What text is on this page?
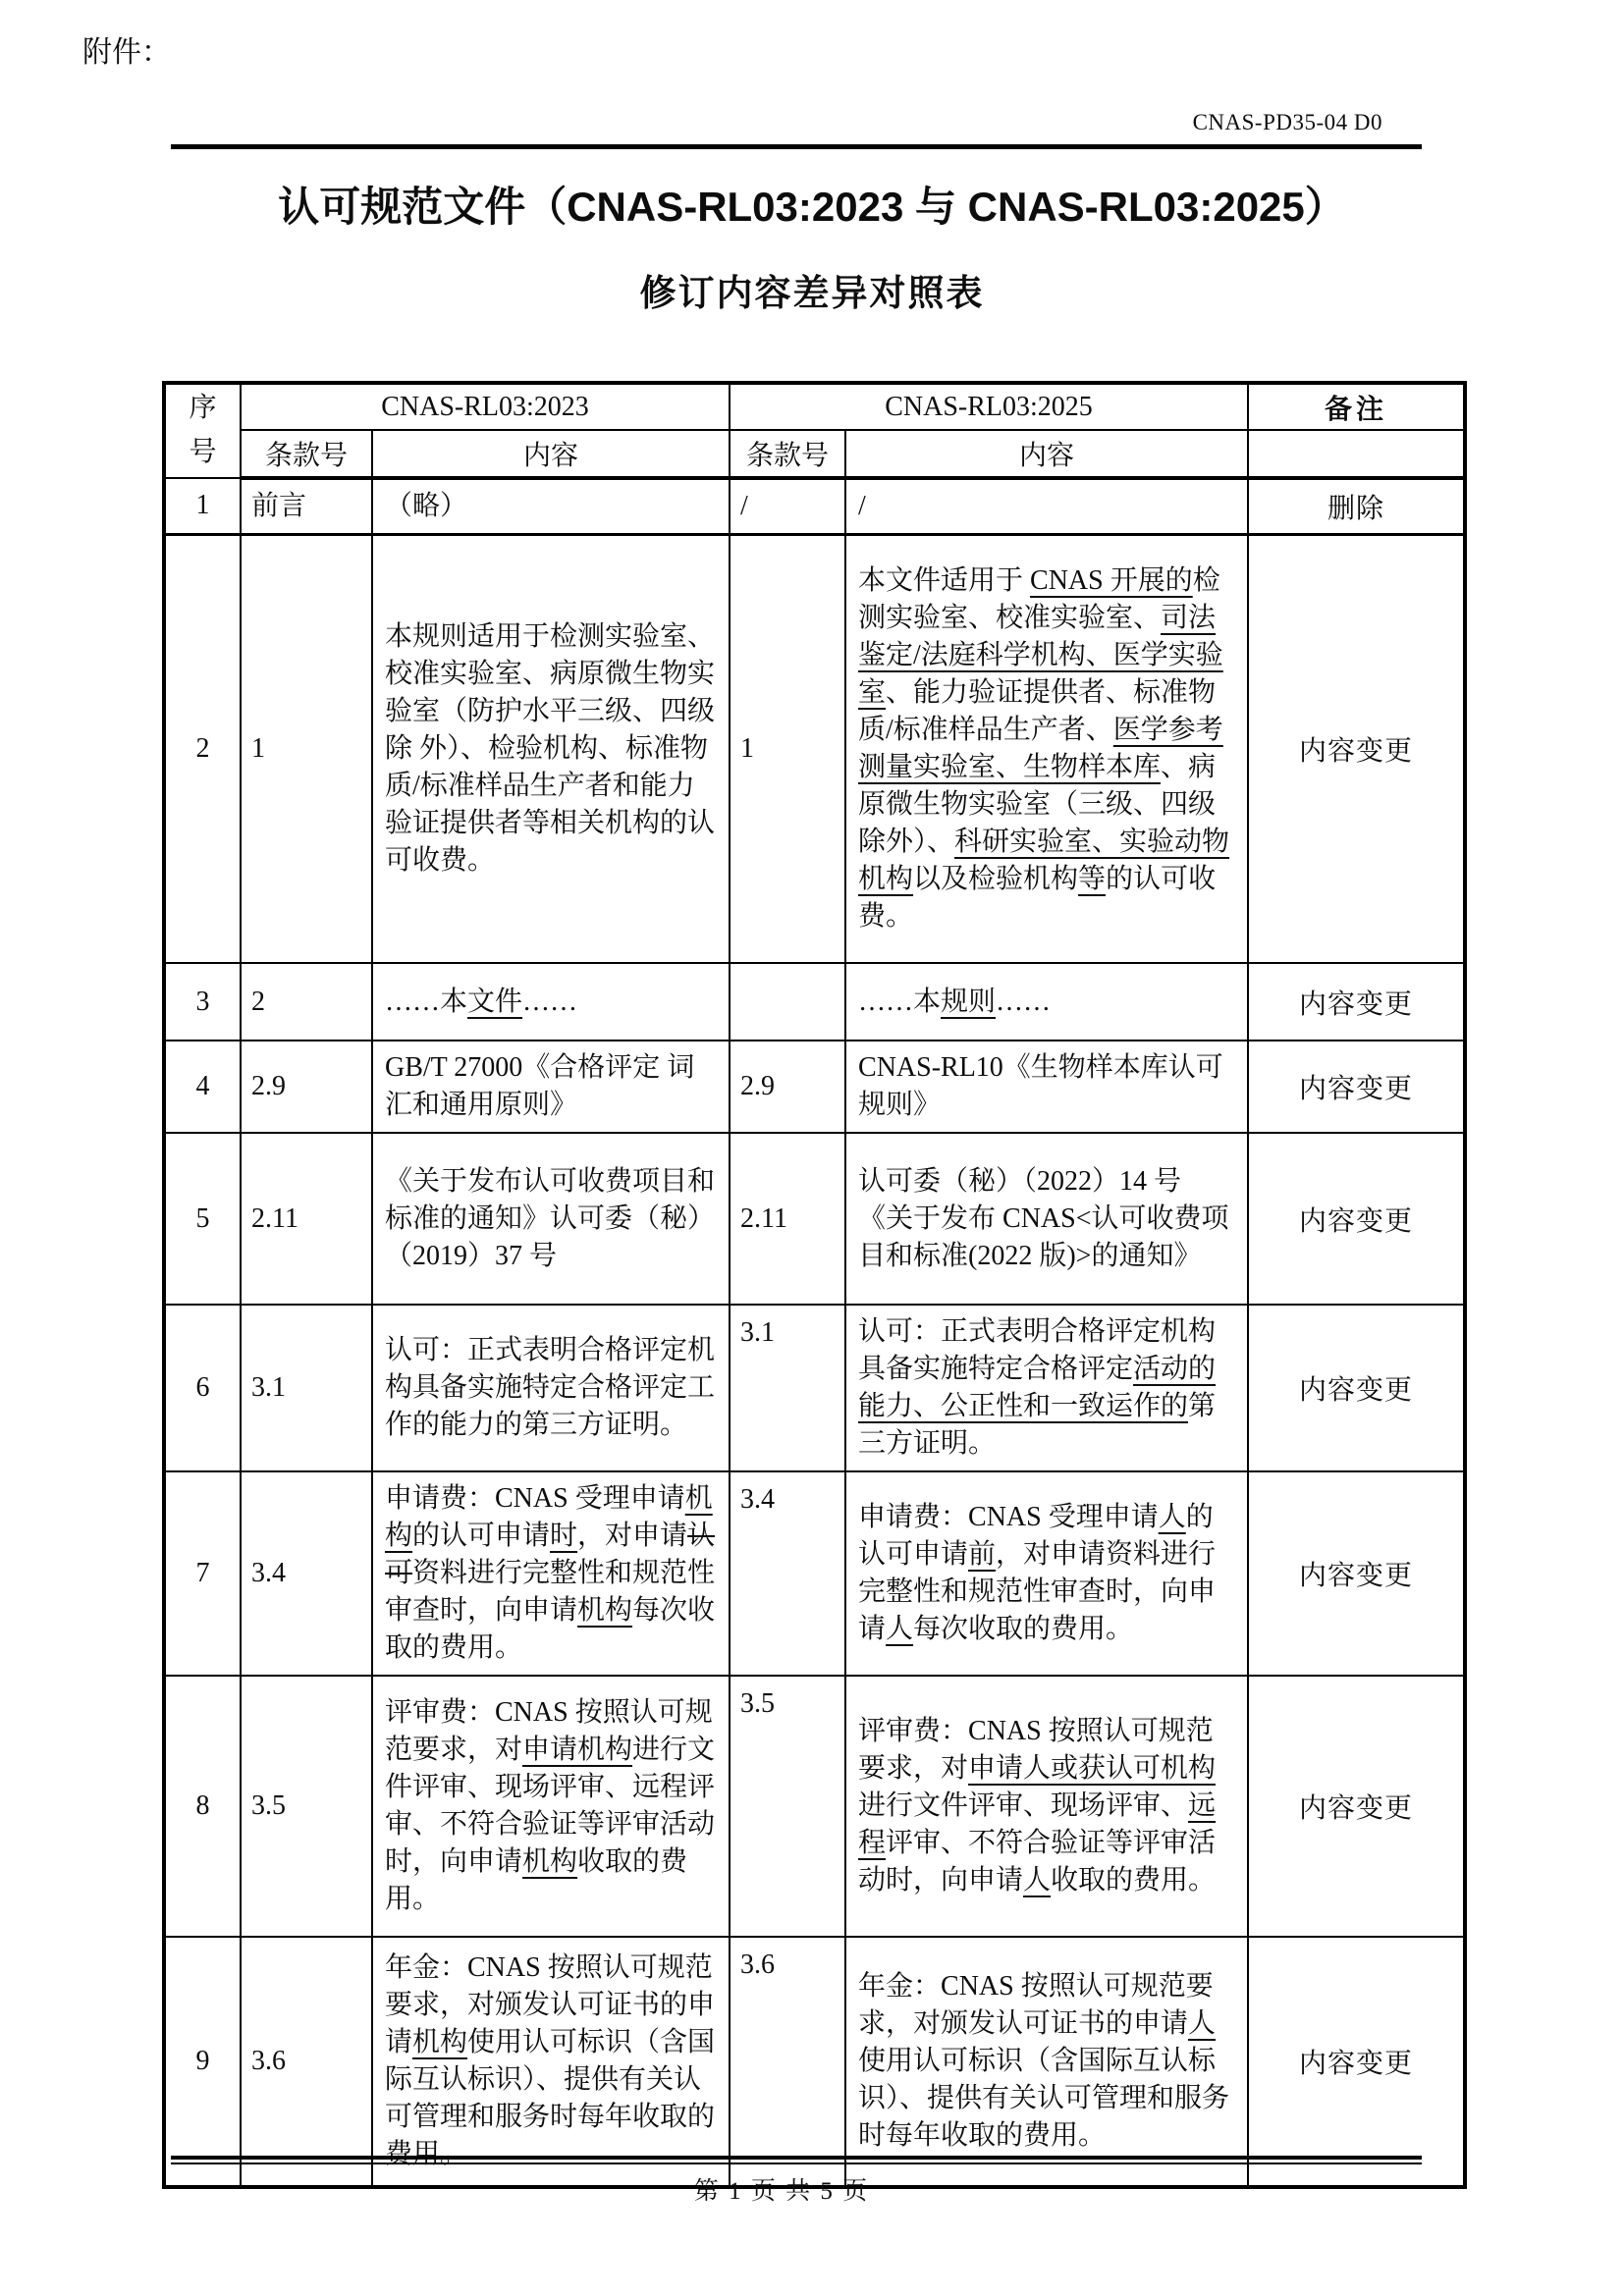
附件：
CNAS-PD35-04 D0
认可规范文件（CNAS-RL03:2023 与 CNAS-RL03:2025）
修订内容差异对照表
序号	CNAS-RL03:2023		CNAS-RL03:2025		备注
	条款号	内容	条款号	内容	
1	前言	（略）	/	/	删除
2	1	本规则适用于检测实验室、校准实验室、病原微生物实验室（防护水平三级、四级除 外）、检验机构、标准物质/标准样品生产者和能力验证提供者等相关机构的认可收费。	1	本文件适用于 CNAS 开展的检测实验室、校准实验室、司法鉴定/法庭科学机构、医学实验室、能力验证提供者、标准物质/标准样品生产者、医学参考测量实验室、生物样本库、病原微生物实验室（三级、四级除外）、科研实验室、实验动物机构以及检验机构等的认可收费。	内容变更
3	2	……本文件……		……本规则……	内容变更
4	2.9	GB/T 27000《合格评定 词汇和通用原则》	2.9	CNAS-RL10《生物样本库认可规则》	内容变更
5	2.11	《关于发布认可收费项目和标准的通知》认可委（秘）（2019）37 号	2.11	认可委（秘）（2022）14 号《关于发布 CNAS<认可收费项目和标准(2022 版)>的通知》	内容变更
6	3.1	认可：正式表明合格评定机构具备实施特定合格评定工作的能力的第三方证明。	3.1	认可：正式表明合格评定机构具备实施特定合格评定活动的能力、公正性和一致运作的第三方证明。	内容变更
7	3.4	申请费：CNAS 受理申请机构的认可申请时，对申请认可资料进行完整性和规范性审查时，向申请机构每次收取的费用。	3.4	申请费：CNAS 受理申请人的认可申请前，对申请资料进行完整性和规范性审查时，向申请人每次收取的费用。	内容变更
8	3.5	评审费：CNAS 按照认可规范要求，对申请机构进行文件评审、现场评审、远程评审、不符合验证等评审活动时，向申请机构收取的费用。	3.5	评审费：CNAS 按照认可规范要求，对申请人或获认可机构进行文件评审、现场评审、远程评审、不符合验证等评审活动时，向申请人收取的费用。	内容变更
9	3.6	年金：CNAS 按照认可规范要求，对颁发认可证书的申请机构使用认可标识（含国际互认标识）、提供有关认可管理和服务时每年收取的费用。	3.6	年金：CNAS 按照认可规范要求，对颁发认可证书的申请人使用认可标识（含国际互认标识）、提供有关认可管理和服务时每年收取的费用。	内容变更
第 1 页 共 5 页
